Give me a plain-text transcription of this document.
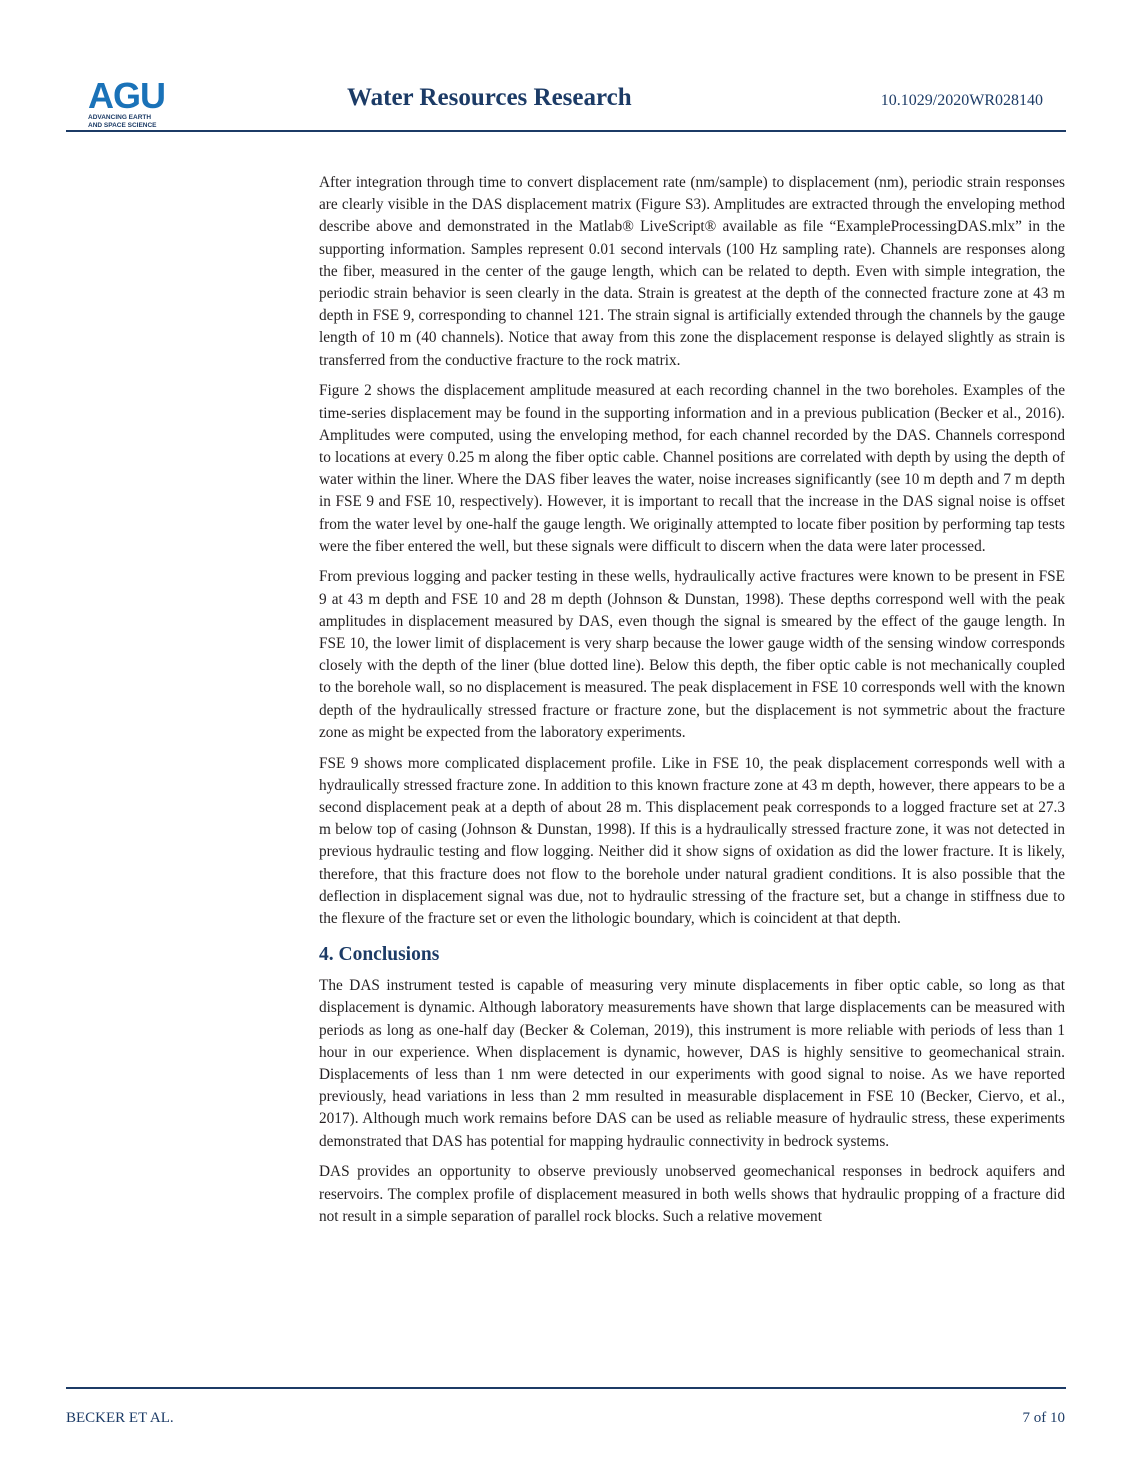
AGU
ADVANCING EARTH
AND SPACE SCIENCE
Water Resources Research	10.1029/2020WR028140

After integration through time to convert displacement rate (nm/sample) to displacement (nm), periodic strain responses are clearly visible in the DAS displacement matrix (Figure S3). Amplitudes are extracted through the enveloping method describe above and demonstrated in the Matlab® LiveScript® available as file “ExampleProcessingDAS.mlx” in the supporting information. Samples represent 0.01 second intervals (100 Hz sampling rate). Channels are responses along the fiber, measured in the center of the gauge length, which can be related to depth. Even with simple integration, the periodic strain behavior is seen clearly in the data. Strain is greatest at the depth of the connected fracture zone at 43 m depth in FSE 9, corresponding to channel 121. The strain signal is artificially extended through the channels by the gauge length of 10 m (40 channels). Notice that away from this zone the displacement response is delayed slightly as strain is transferred from the conductive fracture to the rock matrix.

Figure 2 shows the displacement amplitude measured at each recording channel in the two boreholes. Examples of the time-series displacement may be found in the supporting information and in a previous publication (Becker et al., 2016). Amplitudes were computed, using the enveloping method, for each channel recorded by the DAS. Channels correspond to locations at every 0.25 m along the fiber optic cable. Channel positions are correlated with depth by using the depth of water within the liner. Where the DAS fiber leaves the water, noise increases significantly (see 10 m depth and 7 m depth in FSE 9 and FSE 10, respectively). However, it is important to recall that the increase in the DAS signal noise is offset from the water level by one-half the gauge length. We originally attempted to locate fiber position by performing tap tests were the fiber entered the well, but these signals were difficult to discern when the data were later processed.

From previous logging and packer testing in these wells, hydraulically active fractures were known to be present in FSE 9 at 43 m depth and FSE 10 and 28 m depth (Johnson & Dunstan, 1998). These depths correspond well with the peak amplitudes in displacement measured by DAS, even though the signal is smeared by the effect of the gauge length. In FSE 10, the lower limit of displacement is very sharp because the lower gauge width of the sensing window corresponds closely with the depth of the liner (blue dotted line). Below this depth, the fiber optic cable is not mechanically coupled to the borehole wall, so no displacement is measured. The peak displacement in FSE 10 corresponds well with the known depth of the hydraulically stressed fracture or fracture zone, but the displacement is not symmetric about the fracture zone as might be expected from the laboratory experiments.

FSE 9 shows more complicated displacement profile. Like in FSE 10, the peak displacement corresponds well with a hydraulically stressed fracture zone. In addition to this known fracture zone at 43 m depth, however, there appears to be a second displacement peak at a depth of about 28 m. This displacement peak corresponds to a logged fracture set at 27.3 m below top of casing (Johnson & Dunstan, 1998). If this is a hydraulically stressed fracture zone, it was not detected in previous hydraulic testing and flow logging. Neither did it show signs of oxidation as did the lower fracture. It is likely, therefore, that this fracture does not flow to the borehole under natural gradient conditions. It is also possible that the deflection in displacement signal was due, not to hydraulic stressing of the fracture set, but a change in stiffness due to the flexure of the fracture set or even the lithologic boundary, which is coincident at that depth.

4. Conclusions

The DAS instrument tested is capable of measuring very minute displacements in fiber optic cable, so long as that displacement is dynamic. Although laboratory measurements have shown that large displacements can be measured with periods as long as one-half day (Becker & Coleman, 2019), this instrument is more reliable with periods of less than 1 hour in our experience. When displacement is dynamic, however, DAS is highly sensitive to geomechanical strain. Displacements of less than 1 nm were detected in our experiments with good signal to noise. As we have reported previously, head variations in less than 2 mm resulted in measurable displacement in FSE 10 (Becker, Ciervo, et al., 2017). Although much work remains before DAS can be used as reliable measure of hydraulic stress, these experiments demonstrated that DAS has potential for mapping hydraulic connectivity in bedrock systems.

DAS provides an opportunity to observe previously unobserved geomechanical responses in bedrock aquifers and reservoirs. The complex profile of displacement measured in both wells shows that hydraulic propping of a fracture did not result in a simple separation of parallel rock blocks. Such a relative movement

BECKER ET AL.	7 of 10
